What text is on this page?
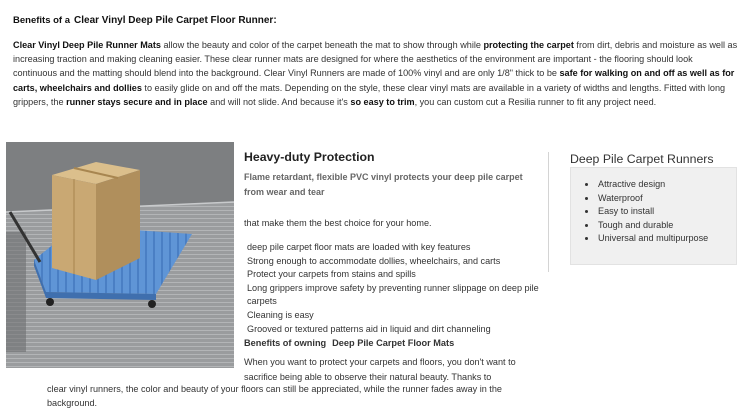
Benefits of a Clear Vinyl Deep Pile Carpet Floor Runner:
Clear Vinyl Deep Pile Runner Mats allow the beauty and color of the carpet beneath the mat to show through while protecting the carpet from dirt, debris and moisture as well as increasing traction and making cleaning easier. These clear runner mats are designed for where the aesthetics of the environment are important - the flooring should look continuous and the matting should blend into the background. Clear Vinyl Runners are made of 100% vinyl and are only 1/8" thick to be safe for walking on and off as well as for carts, wheelchairs and dollies to easily glide on and off the mats. Depending on the style, these clear vinyl mats are available in a variety of widths and lengths. Fitted with long grippers, the runner stays secure and in place and will not slide. And because it's so easy to trim, you can custom cut a Resilia runner to fit any project need.
Heavy-duty Protection
Flame retardant, flexible PVC vinyl protects your deep pile carpet from wear and tear
that make them the best choice for your home.
deep pile carpet floor mats are loaded with key features
Strong enough to accommodate dollies, wheelchairs, and carts
Protect your carpets from stains and spills
Long grippers improve safety by preventing runner slippage on deep pile carpets
Cleaning is easy
Grooved or textured patterns aid in liquid and dirt channeling
Benefits of owning Deep Pile Carpet Floor Mats
When you want to protect your carpets and floors, you don't want to sacrifice being able to observe their natural beauty. Thanks to
clear vinyl runners, the color and beauty of your floors can still be appreciated, while the runner fades away in the background.
Deep Pile Carpet Runners
• Attractive design
• Waterproof
• Easy to install
• Tough and durable
• Universal and multipurpose
